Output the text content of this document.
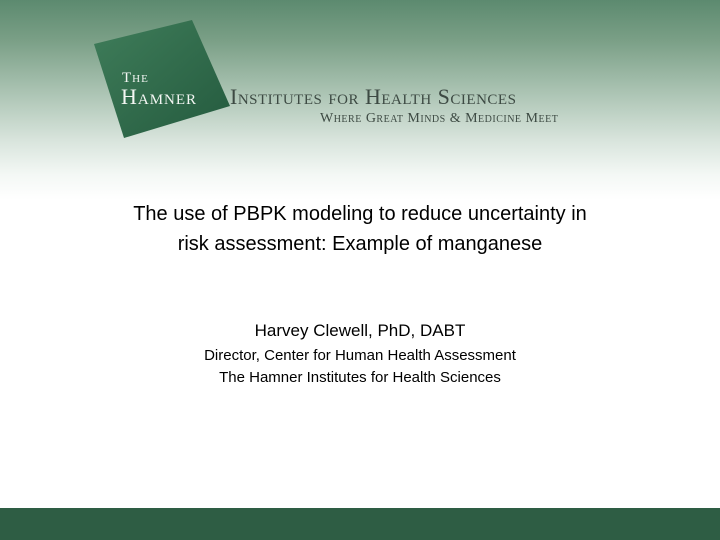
The
Hamner Institutes for Health Sciences
Where Great Minds & Medicine Meet
The use of PBPK modeling to reduce uncertainty in
risk assessment: Example of manganese
Harvey Clewell, PhD, DABT
Director, Center for Human Health Assessment
The Hamner Institutes for Health Sciences
